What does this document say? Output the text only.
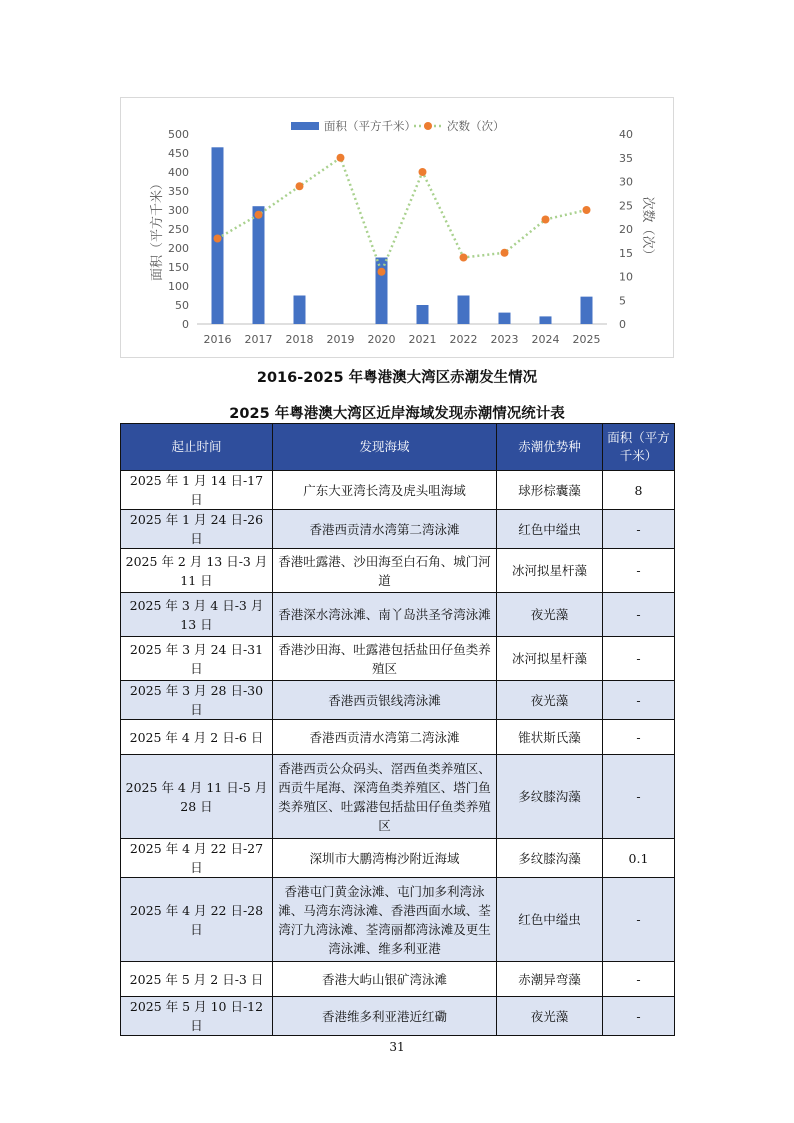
0
50
100
150
200
250
300
350
400
450
500
0
5
10
15
20
25
30
35
40
2016 2017 2018 2019 2020 2021 2022 2023 2024 2025
面积（平方千米）	次数（次）
面积（平方千米）	次数（次）
2016-2025 年粤港澳大湾区赤潮发生情况
2025 年粤港澳大湾区近岸海域发现赤潮情况统计表
起止时间	发现海域	赤潮优势种	面积（平方千米）
2025 年 1 月 14 日-17 日	广东大亚湾长湾及虎头咀海域	球形棕囊藻	8
2025 年 1 月 24 日-26 日	香港西贡清水湾第二湾泳滩	红色中缢虫	-
2025 年 2 月 13 日-3 月 11 日	香港吐露港、沙田海至白石角、城门河道	冰河拟星杆藻	-
2025 年 3 月 4 日-3 月 13 日	香港深水湾泳滩、南丫岛洪圣爷湾泳滩	夜光藻	-
2025 年 3 月 24 日-31 日	香港沙田海、吐露港包括盐田仔鱼类养殖区	冰河拟星杆藻	-
2025 年 3 月 28 日-30 日	香港西贡银线湾泳滩	夜光藻	-
2025 年 4 月 2 日-6 日	香港西贡清水湾第二湾泳滩	锥状斯氏藻	-
2025 年 4 月 11 日-5 月 28 日	香港西贡公众码头、滘西鱼类养殖区、西贡牛尾海、深湾鱼类养殖区、塔门鱼类养殖区、吐露港包括盐田仔鱼类养殖区	多纹膝沟藻	-
2025 年 4 月 22 日-27 日	深圳市大鹏湾梅沙附近海域	多纹膝沟藻	0.1
2025 年 4 月 22 日-28 日	香港屯门黄金泳滩、屯门加多利湾泳滩、马湾东湾泳滩、香港西面水域、荃湾汀九湾泳滩、荃湾丽都湾泳滩及更生湾泳滩、维多利亚港	红色中缢虫	-
2025 年 5 月 2 日-3 日	香港大屿山银矿湾泳滩	赤潮异弯藻	-
2025 年 5 月 10 日-12 日	香港维多利亚港近红磡	夜光藻	-
31
